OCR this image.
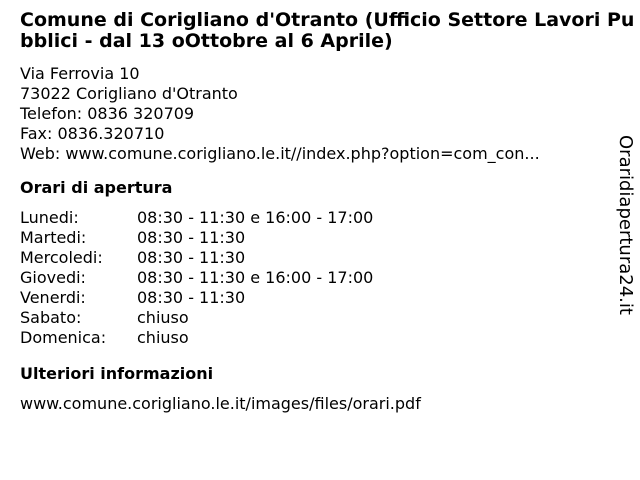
Comune di Corigliano d'Otranto (Ufficio Settore Lavori Pubblici - dal 13 oOttobre al 6 Aprile)
Via Ferrovia 10
73022 Corigliano d'Otranto
Telefon: 0836 320709
Fax: 0836.320710
Web: www.comune.corigliano.le.it//index.php?option=com_con...
Orari di apertura
Lunedi:	08:30 - 11:30 e 16:00 - 17:00
Martedi:	08:30 - 11:30
Mercoledi:	08:30 - 11:30
Giovedi:	08:30 - 11:30 e 16:00 - 17:00
Venerdi:	08:30 - 11:30
Sabato:	chiuso
Domenica:	chiuso
Ulteriori informazioni
www.comune.corigliano.le.it/images/files/orari.pdf
Oraridiapertura24.it
